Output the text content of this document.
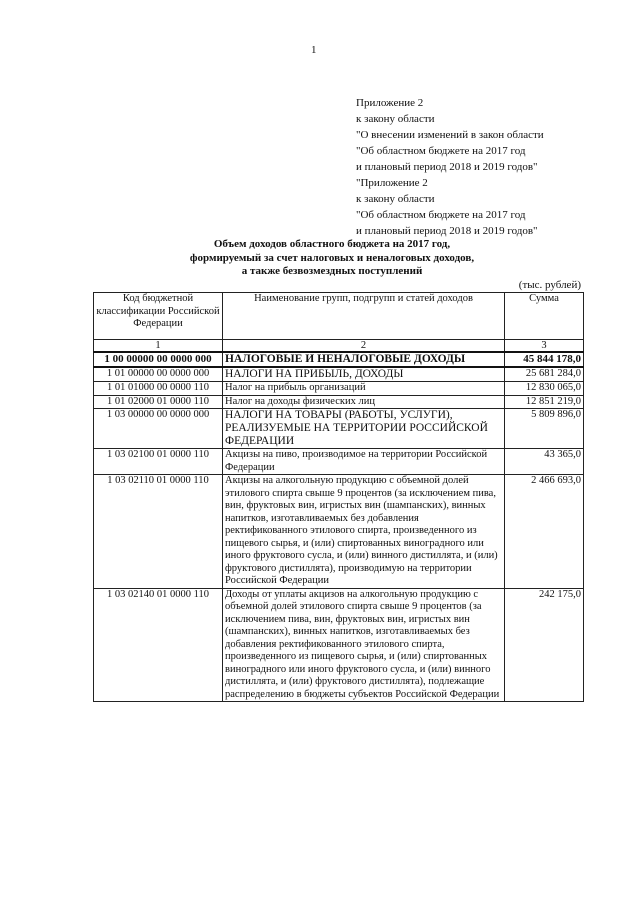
1
Приложение 2
к закону области
"О внесении изменений в закон области
"Об областном бюджете на 2017 год
и плановый период 2018 и 2019 годов"
"Приложение 2
к закону области
"Об областном бюджете на 2017 год
и плановый период 2018 и 2019 годов"
Объем доходов областного бюджета на 2017 год,
формируемый за счет налоговых и неналоговых доходов,
а также безвозмездных поступлений
(тыс. рублей)
Код бюджетной классификации Российской Федерации	Наименование групп, подгрупп и статей доходов	Сумма
1	2	3
1 00 00000 00 0000 000	НАЛОГОВЫЕ И НЕНАЛОГОВЫЕ ДОХОДЫ	45 844 178,0
1 01 00000 00 0000 000	НАЛОГИ НА ПРИБЫЛЬ, ДОХОДЫ	25 681 284,0
1 01 01000 00 0000 110	Налог на прибыль организаций	12 830 065,0
1 01 02000 01 0000 110	Налог на доходы физических лиц	12 851 219,0
1 03 00000 00 0000 000	НАЛОГИ НА ТОВАРЫ (РАБОТЫ, УСЛУГИ), РЕАЛИЗУЕМЫЕ НА ТЕРРИТОРИИ РОССИЙСКОЙ ФЕДЕРАЦИИ	5 809 896,0
1 03 02100 01 0000 110	Акцизы на пиво, производимое на территории Российской Федерации	43 365,0
1 03 02110 01 0000 110	Акцизы на алкогольную продукцию с объемной долей этилового спирта свыше 9 процентов (за исключением пива, вин, фруктовых вин, игристых вин (шампанских), винных напитков, изготавливаемых без добавления ректификованного этилового спирта, произведенного из пищевого сырья, и (или) спиртованных виноградного или иного фруктового сусла, и (или) винного дистиллята, и (или) фруктового дистиллята), производимую на территории Российской Федерации	2 466 693,0
1 03 02140 01 0000 110	Доходы от уплаты акцизов на алкогольную продукцию с объемной долей этилового спирта свыше 9 процентов (за исключением пива, вин, фруктовых вин, игристых вин (шампанских), винных напитков, изготавливаемых без добавления ректификованного этилового спирта, произведенного из пищевого сырья, и (или) спиртованных виноградного или иного фруктового сусла, и (или) винного дистиллята, и (или) фруктового дистиллята), подлежащие распределению в бюджеты субъектов Российской Федерации	242 175,0
